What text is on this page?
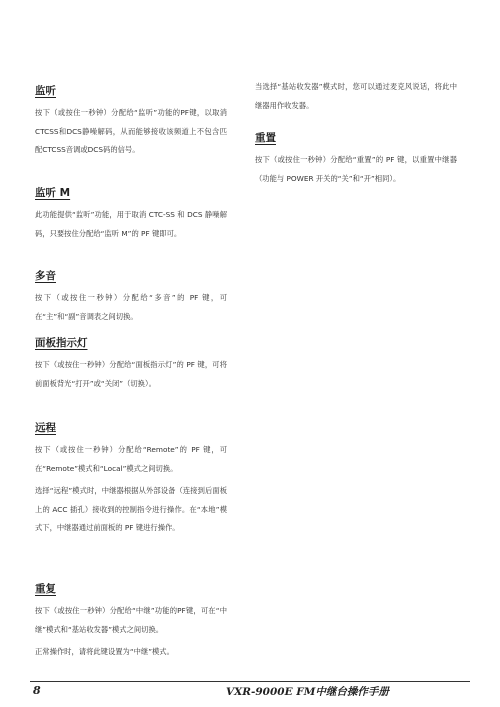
监听

按下（或按住一秒钟）分配给“监听”功能的PF键，以取消CTCSS和DCS静噪解码，从而能够接收该频道上不包含匹配CTCSS音调或DCS码的信号。

监听 M

此功能提供“监听”功能，用于取消 CTC-SS 和 DCS 静噪解码，只要按住分配给“监听 M”的 PF 键即可。

多音

按下（或按住一秒钟）分配给“多音”的 PF 键，可在“主”和“副”音调表之间切换。

面板指示灯

按下（或按住一秒钟）分配给“面板指示灯”的 PF 键，可将前面板背光“打开”或“关闭”（切换）。

远程

按下（或按住一秒钟）分配给“Remote”的 PF 键，可在“Remote”模式和“Local”模式之间切换。

选择“远程”模式时，中继器根据从外部设备（连接到后面板上的 ACC 插孔）接收到的控制指令进行操作。在“本地”模式下，中继器通过前面板的 PF 键进行操作。

重复

按下（或按住一秒钟）分配给“中继”功能的PF键，可在“中继”模式和“基站收发器”模式之间切换。

正常操作时，请将此键设置为“中继”模式。

当选择“基站收发器”模式时，您可以通过麦克风说话，将此中继器用作收发器。

重置

按下（或按住一秒钟）分配给“重置”的 PF 键，以重置中继器（功能与 POWER 开关的“关”和“开”相同）。

8	VXR-9000E FM中继台操作手册
